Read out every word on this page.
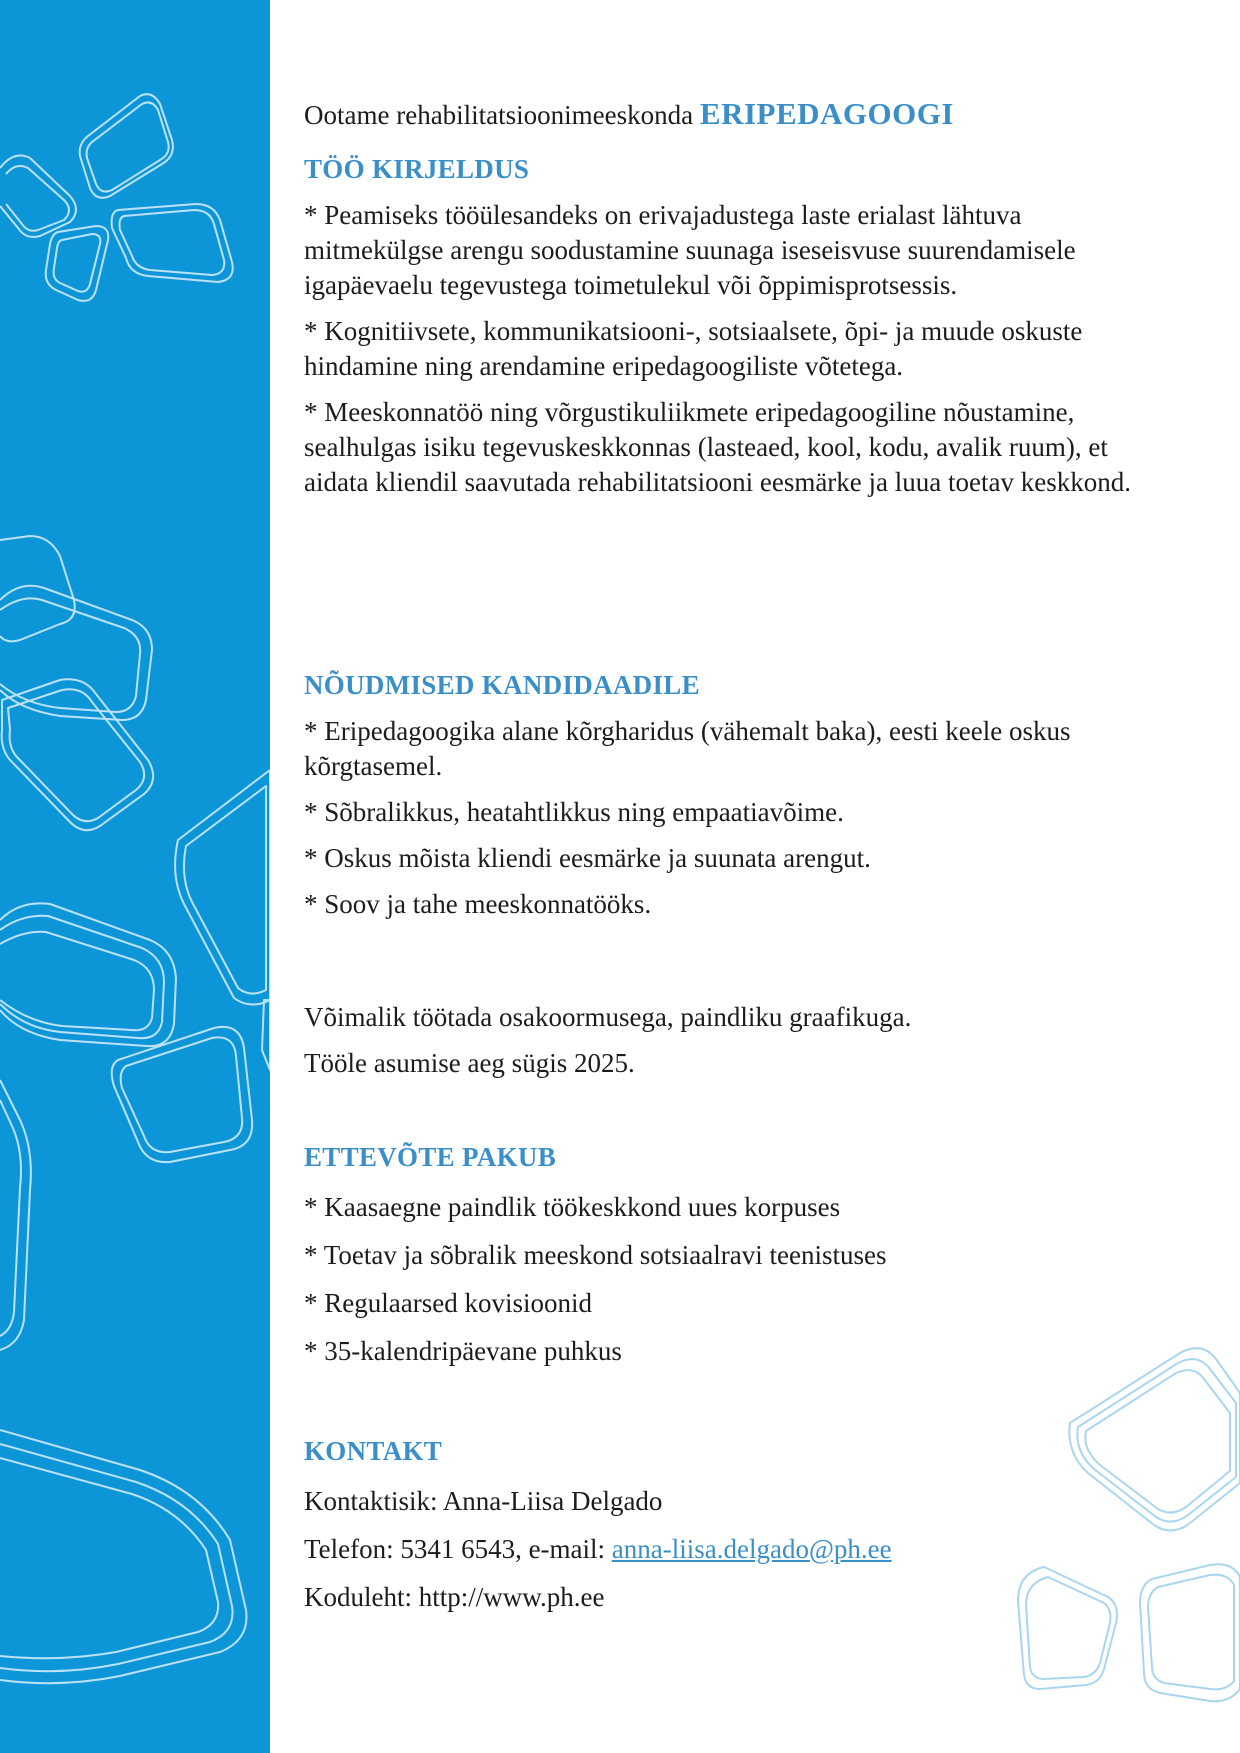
Ootame rehabilitatsioonimeeskonda ERIPEDAGOOGI
TÖÖ KIRJELDUS

* Peamiseks tööülesandeks on erivajadustega laste erialast lähtuva mitmekülgse arengu soodustamine suunaga iseseisvuse suurendamisele igapäevaelu tegevustega toimetulekul või õppimisprotsessis.

* Kognitiivsete, kommunikatsiooni-, sotsiaalsete, õpi- ja muude oskuste hindamine ning arendamine eripedagoogiliste võtetega.

* Meeskonnatöö ning võrgustikuliikmete eripedagoogiline nõustamine, sealhulgas isiku tegevuskeskkonnas (lasteaed, kool, kodu, avalik ruum), et aidata kliendil saavutada rehabilitatsiooni eesmärke ja luua toetav keskkond.

NÕUDMISED KANDIDAADILE

* Eripedagoogika alane kõrgharidus (vähemalt baka), eesti keele oskus kõrgtasemel.

* Sõbralikkus, heatahtlikkus ning empaatiavõime.

* Oskus mõista kliendi eesmärke ja suunata arengut.

* Soov ja tahe meeskonnatööks.

Võimalik töötada osakoormusega, paindliku graafikuga.
Tööle asumise aeg sügis 2025.
ETTEVÕTE PAKUB
* Kaasaegne paindlik töökeskkond uues korpuses
* Toetav ja sõbralik meeskond sotsiaalravi teenistuses
* Regulaarsed kovisioonid
* 35-kalendripäevane puhkus
KONTAKT
Kontaktisik: Anna-Liisa Delgado
Telefon: 5341 6543, e-mail: anna-liisa.delgado@ph.ee
Koduleht: http://www.ph.ee
